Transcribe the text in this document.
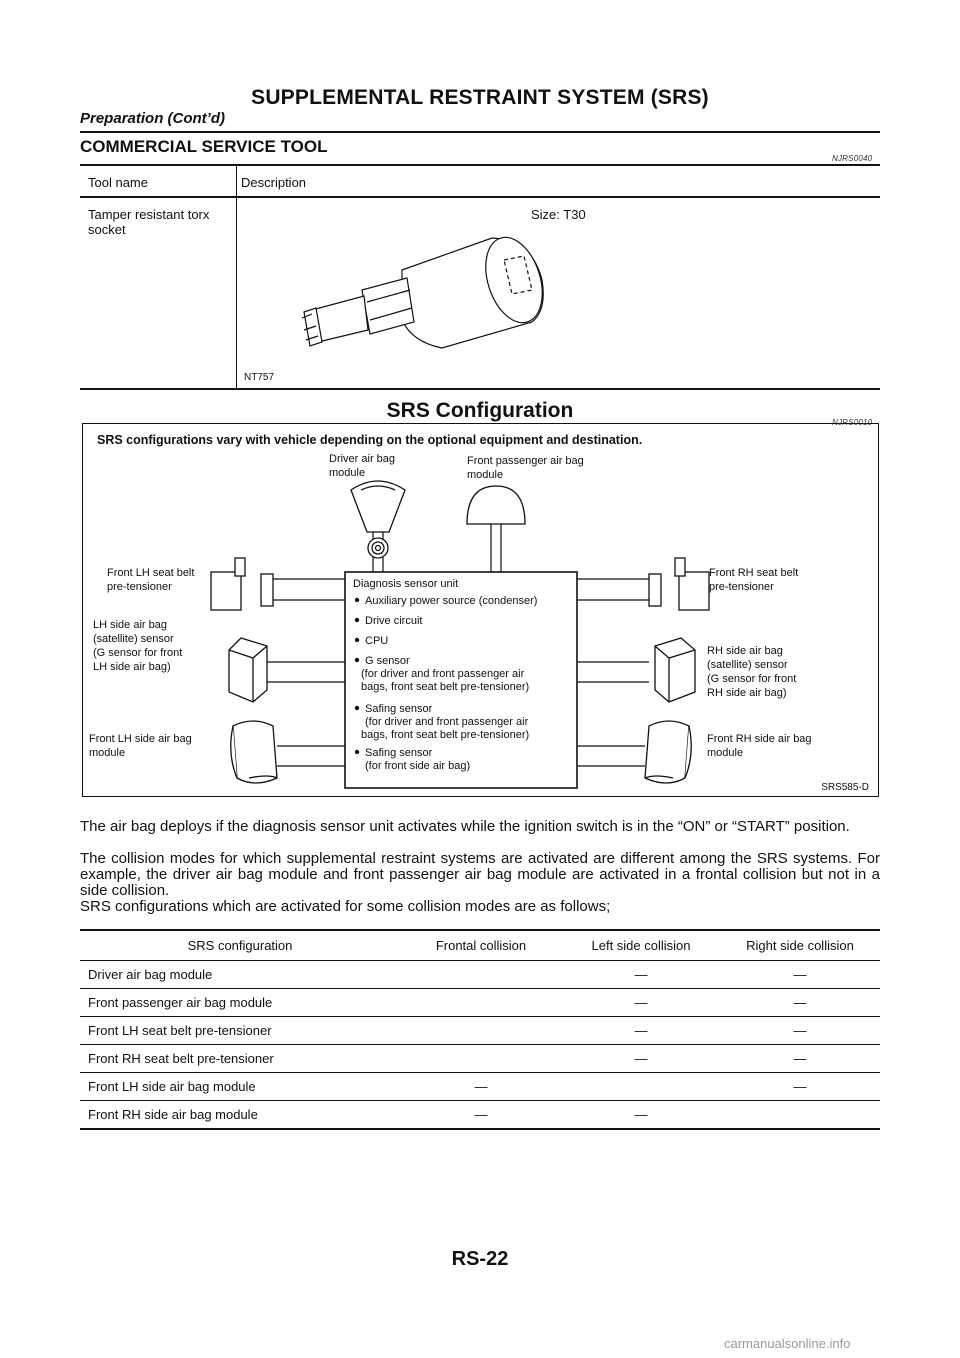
SUPPLEMENTAL RESTRAINT SYSTEM (SRS)
Preparation (Cont’d)
COMMERCIAL SERVICE TOOL
NJRS0040
Tool name	Description
Tamper resistant torx socket
Size: T30
NT757
SRS Configuration
NJRS0010
SRS configurations vary with vehicle depending on the optional equipment and destination.
Driver air bag
module
Front passenger air bag
module
Front LH seat belt
pre-tensioner
Front RH seat belt
pre-tensioner
LH side air bag
(satellite) sensor
(G sensor for front
LH side air bag)
RH side air bag
(satellite) sensor
(G sensor for front
RH side air bag)
Front LH side air bag
module
Front RH side air bag
module
Diagnosis sensor unit
Auxiliary power source (condenser)
Drive circuit
CPU
G sensor
(for driver and front passenger air
bags, front seat belt pre-tensioner)
Safing sensor
(for driver and front passenger air
bags, front seat belt pre-tensioner)
Safing sensor
(for front side air bag)
SRS585-D
The air bag deploys if the diagnosis sensor unit activates while the ignition switch is in the “ON” or “START” position.
The collision modes for which supplemental restraint systems are activated are different among the SRS systems. For example, the driver air bag module and front passenger air bag module are activated in a frontal collision but not in a side collision.
SRS configurations which are activated for some collision modes are as follows;
SRS configuration	Frontal collision	Left side collision	Right side collision
Driver air bag module		—	—
Front passenger air bag module		—	—
Front LH seat belt pre-tensioner		—	—
Front RH seat belt pre-tensioner		—	—
Front LH side air bag module	—		—
Front RH side air bag module	—	—	
RS-22
carmanualsonline.info
